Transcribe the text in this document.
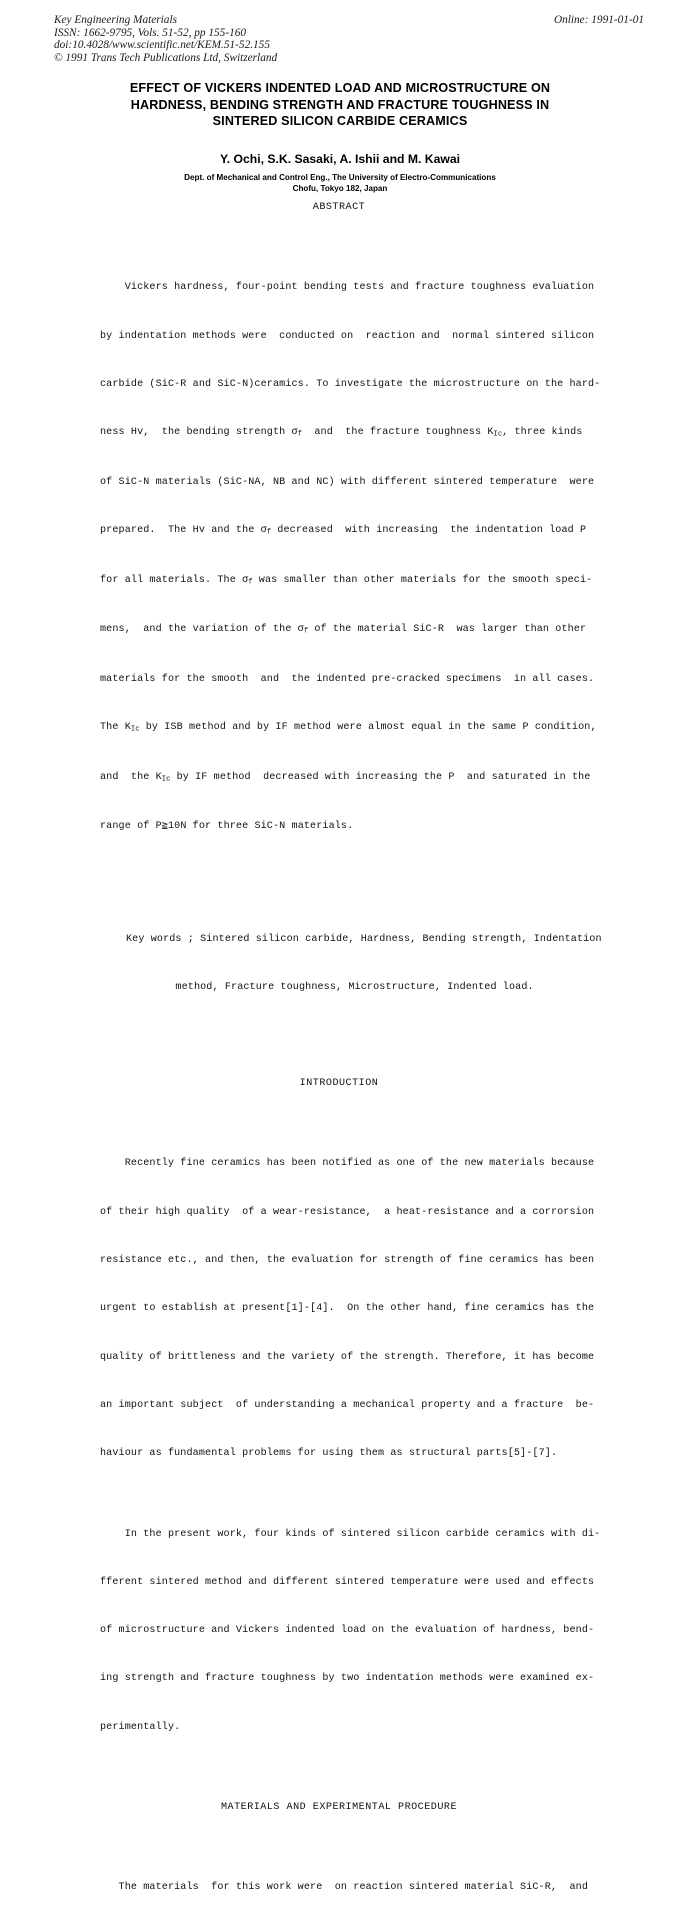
Key Engineering Materials
ISSN: 1662-9795, Vols. 51-52, pp 155-160
doi:10.4028/www.scientific.net/KEM.51-52.155
© 1991 Trans Tech Publications Ltd, Switzerland
Online: 1991-01-01
EFFECT OF VICKERS INDENTED LOAD AND MICROSTRUCTURE ON
HARDNESS, BENDING STRENGTH AND FRACTURE TOUGHNESS IN
SINTERED SILICON CARBIDE CERAMICS
Y. Ochi, S.K. Sasaki, A. Ishii and M. Kawai
Dept. of Mechanical and Control Eng., The University of Electro-Communications
Chofu, Tokyo 182, Japan
ABSTRACT

Vickers hardness, four-point bending tests and fracture toughness evaluation

by indentation methods were  conducted on  reaction and  normal sintered silicon

carbide (SiC-R and SiC-N)ceramics. To investigate the microstructure on the hard-

ness Hv,  the bending strength $\sigma_f$  and  the fracture toughness $K_{Ic}$, three kinds

of SiC-N materials (SiC-NA, NB and NC) with different sintered temperature  were

prepared.  The Hv and the $\sigma_f$ decreased  with increasing  the indentation load P

for all materials. The $\sigma_f$ was smaller than other materials for the smooth speci-

mens,  and the variation of the $\sigma_f$ of the material SiC-R  was larger than other

materials for the smooth  and  the indented pre-cracked specimens  in all cases.

The $K_{Ic}$ by ISB method and by IF method were almost equal in the same P condition,

and  the $K_{Ic}$ by IF method  decreased with increasing the P  and saturated in the

range of P≧10N for three SiC-N materials.

Key words ; Sintered silicon carbide, Hardness, Bending strength, Indentation

method, Fracture toughness, Microstructure, Indented load.

INTRODUCTION

Recently fine ceramics has been notified as one of the new materials because

of their high quality  of a wear-resistance,  a heat-resistance and a corrorsion

resistance etc., and then, the evaluation for strength of fine ceramics has been

urgent to establish at present[1]-[4].  On the other hand, fine ceramics has the

quality of brittleness and the variety of the strength. Therefore, it has become

an important subject  of understanding a mechanical property and a fracture  be-

haviour as fundamental problems for using them as structural parts[5]-[7].

In the present work, four kinds of sintered silicon carbide ceramics with di-

fferent sintered method and different sintered temperature were used and effects

of microstructure and Vickers indented load on the evaluation of hardness, bend-

ing strength and fracture toughness by two indentation methods were examined ex-

perimentally.

MATERIALS AND EXPERIMENTAL PROCEDURE

The materials  for this work were  on reaction sintered material SiC-R,  and
